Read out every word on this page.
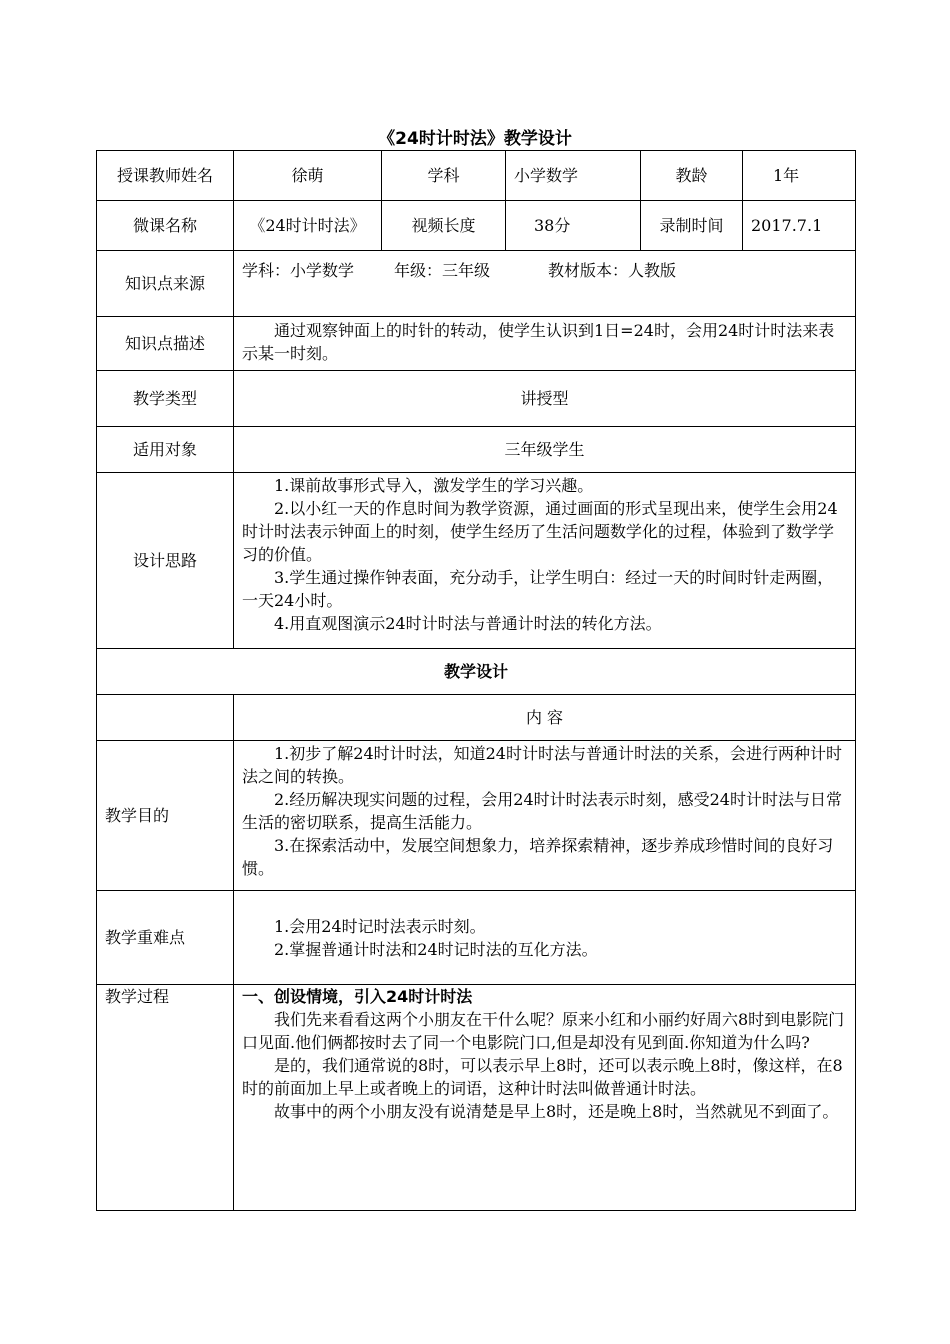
《24时计时法》教学设计
授课教师姓名	徐萌	学科	小学数学	教龄	1年
微课名称	《24时计时法》	视频长度	38分	录制时间	2017.7.1
知识点来源	学科：小学数学 年级：三年级 教材版本：人教版				
知识点描述	通过观察钟面上的时针的转动，使学生认识到1日=24时，会用24时计时法来表示某一时刻。				

教学类型	讲授型				
适用对象	三年级学生				
设计思路	1.课前故事形式导入，激发学生的学习兴趣。

2.以小红一天的作息时间为教学资源，通过画面的形式呈现出来，使学生会用24时计时法表示钟面上的时刻，使学生经历了生活问题数学化的过程，体验到了数学学习的价值。

3.学生通过操作钟表面，充分动手，让学生明白：经过一天的时间时针走两圈，一天24小时。

4.用直观图演示24时计时法与普通计时法的转化方法。				

教学设计					
	内 容				
教学目的	1.初步了解24时计时法，知道24时计时法与普通计时法的关系，会进行两种计时法之间的转换。

2.经历解决现实问题的过程，会用24时计时法表示时刻，感受24时计时法与日常生活的密切联系，提高生活能力。

3.在探索活动中，发展空间想象力，培养探索精神，逐步养成珍惜时间的良好习惯。				

教学重难点	1.会用24时记时法表示时刻。

2.掌握普通计时法和24时记时法的互化方法。				

教学过程	一、创设情境，引入24时计时法

我们先来看看这两个小朋友在干什么呢？原来小红和小丽约好周六8时到电影院门口见面.他们俩都按时去了同一个电影院门口,但是却没有见到面.你知道为什么吗?

是的，我们通常说的8时，可以表示早上8时，还可以表示晚上8时，像这样，在8时的前面加上早上或者晚上的词语，这种计时法叫做普通计时法。

故事中的两个小朋友没有说清楚是早上8时，还是晚上8时，当然就见不到面了。				
